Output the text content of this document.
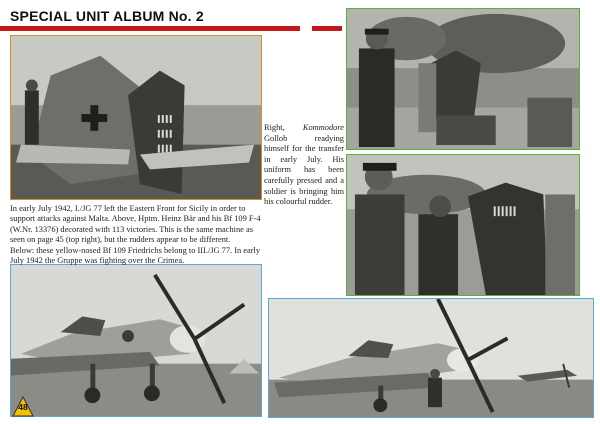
SPECIAL UNIT ALBUM No. 2

In early July 1942, I./JG 77 left the Eastern Front for Sicily in order to support attacks against Malta. Above, Hptm. Heinz Bär and his Bf 109 F-4 (W.Nr. 13376) decorated with 113 victories. This is the same machine as seen on page 45 (top right), but the rudders appear to be different.

Below: these yellow-nosed Bf 109 Friedrichs belong to III./JG 77. In early July 1942 the Gruppe was fighting over the Crimea.

Right, Kommodore Gollob readying himself for the transfer in early July. His uniform has been carefully pressed and a soldier is bringing him his colourful rudder.
48
